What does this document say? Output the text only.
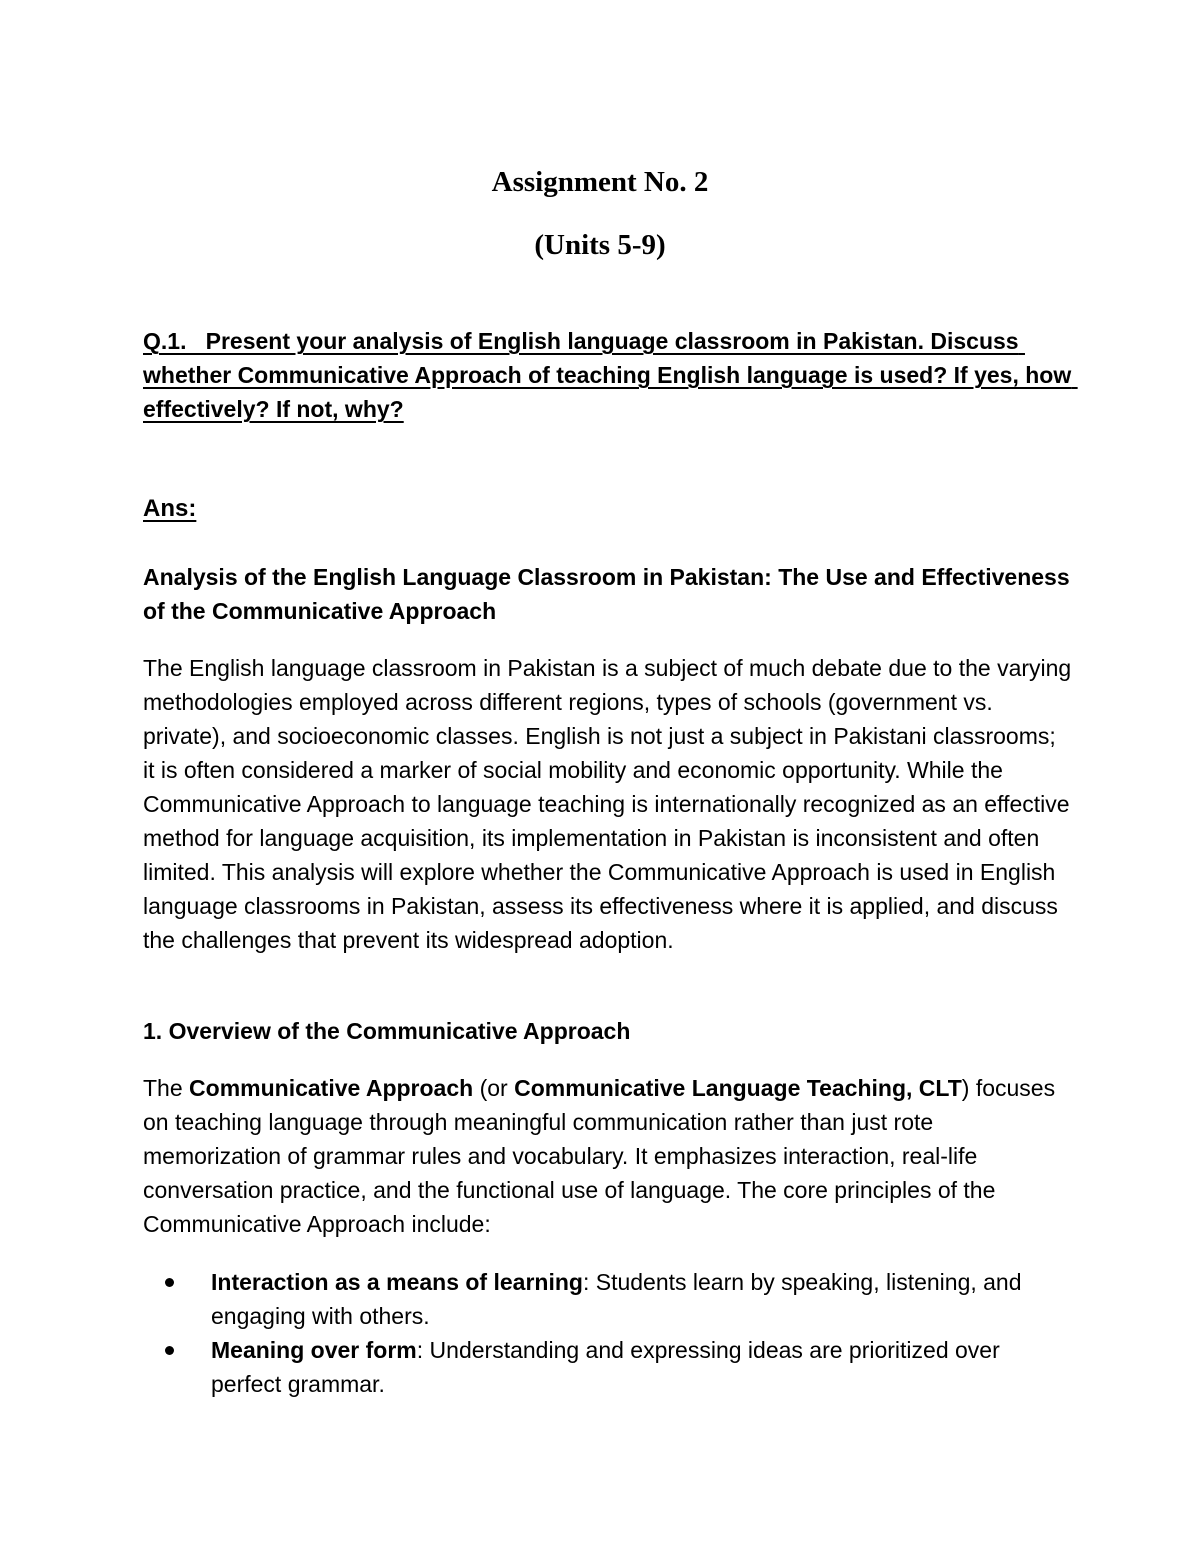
Assignment No. 2
(Units 5-9)

Q.1.   Present your analysis of English language classroom in Pakistan. Discuss whether Communicative Approach of teaching English language is used? If yes, how effectively? If not, why?

Ans:

Analysis of the English Language Classroom in Pakistan: The Use and Effectiveness of the Communicative Approach

The English language classroom in Pakistan is a subject of much debate due to the varying methodologies employed across different regions, types of schools (government vs. private), and socioeconomic classes. English is not just a subject in Pakistani classrooms; it is often considered a marker of social mobility and economic opportunity. While the Communicative Approach to language teaching is internationally recognized as an effective method for language acquisition, its implementation in Pakistan is inconsistent and often limited. This analysis will explore whether the Communicative Approach is used in English language classrooms in Pakistan, assess its effectiveness where it is applied, and discuss the challenges that prevent its widespread adoption.

1. Overview of the Communicative Approach

The Communicative Approach (or Communicative Language Teaching, CLT) focuses on teaching language through meaningful communication rather than just rote memorization of grammar rules and vocabulary. It emphasizes interaction, real-life conversation practice, and the functional use of language. The core principles of the Communicative Approach include:

Interaction as a means of learning: Students learn by speaking, listening, and engaging with others.
Meaning over form: Understanding and expressing ideas are prioritized over perfect grammar.
